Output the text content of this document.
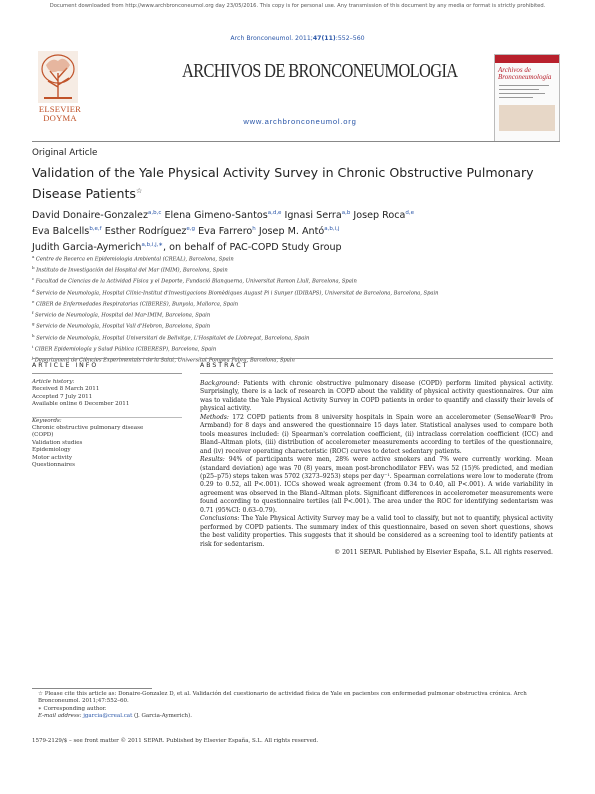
Document downloaded from http://www.archbronconeumol.org day 23/05/2016. This copy is for personal use. Any transmission of this document by any media or format is strictly prohibited.
Arch Bronconeumol. 2011;47(11):552–560
ELSEVIER
DOYMA
ARCHIVOS DE BRONCONEUMOLOGIA
www.archbronconeumol.org
Archivos de
Bronconeumología
Original Article
Validation of the Yale Physical Activity Survey in Chronic Obstructive Pulmonary Disease Patients☆
David Donaire-Gonzalez$^{a,b,c}$ Elena Gimeno-Santos$^{a,d,e}$ Ignasi Serra$^{a,b}$ Josep Roca$^{d,e}$
Eva Balcells$^{b,e,f}$ Esther Rodríguez$^{e,g}$ Eva Farrero$^h$ Josep M. Antó$^{a,b,i,j}$
Judith Garcia-Aymerich$^{a,b,i,j,∗}$, on behalf of PAC-COPD Study Group
$^a$Centre de Recerca en Epidemiologia Ambiental (CREAL), Barcelona, Spain
$^b$Instituto de Investigación del Hospital del Mar (IMIM), Barcelona, Spain
$^c$Facultad de Ciencias de la Actividad Física y el Deporte, Fundació Blanquerna, Universitat Ramon Llull, Barcelona, Spain
$^d$Servicio de Neumología, Hospital Clínic-Institut d'Investigacions Biomèdiques August Pi i Sunyer (IDIBAPS), Universitat de Barcelona, Barcelona, Spain
$^e$CIBER de Enfermedades Respiratorias (CIBERES), Bunyola, Mallorca, Spain
$^f$Servicio de Neumología, Hospital del Mar-IMIM, Barcelona, Spain
$^g$Servicio de Neumología, Hospital Vall d'Hebron, Barcelona, Spain
$^h$Servicio de Neumología, Hospital Universitari de Bellvitge, L'Hospitalet de Llobregat, Barcelona, Spain
$^i$CIBER Epidemiología y Salud Pública (CIBERESP), Barcelona, Spain
$^j$Departament de Ciències Experimentals i de la Salut, Universitat Pompeu Fabra, Barcelona, Spain
ARTICLE INFO	ABSTRACT
Article history:
Received 8 March 2011
Accepted 7 July 2011
Available online 6 December 2011
Keywords:
Chronic obstructive pulmonary disease
(COPD)
Validation studies
Epidemiology
Motor activity
Questionnaires
Background: Patients with chronic obstructive pulmonary disease (COPD) perform limited physical activity. Surprisingly, there is a lack of research in COPD about the validity of physical activity questionnaires. Our aim was to validate the Yale Physical Activity Survey in COPD patients in order to quantify and classify their levels of physical activity.
Methods: 172 COPD patients from 8 university hospitals in Spain wore an accelerometer (SenseWear® Pro₂ Armband) for 8 days and answered the questionnaire 15 days later. Statistical analyses used to compare both tools measures included: (i) Spearman's correlation coefficient, (ii) intraclass correlation coefficient (ICC) and Bland–Altman plots, (iii) distribution of accelerometer measurements according to tertiles of the questionnaire, and (iv) receiver operating characteristic (ROC) curves to detect sedentary patients.
Results: 94% of participants were men, 28% were active smokers and 7% were currently working. Mean (standard deviation) age was 70 (8) years, mean post-bronchodilator FEV₁ was 52 (15)% predicted, and median (p25–p75) steps taken was 5702 (3273–9253) steps per day⁻¹. Spearman correlations were low to moderate (from 0.29 to 0.52, all P<.001). ICCs showed weak agreement (from 0.34 to 0.40, all P<.001). A wide variability in agreement was observed in the Bland–Altman plots. Significant differences in accelerometer measurements were found according to questionnaire tertiles (all P<.001). The area under the ROC for identifying sedentarism was 0.71 (95%CI: 0.63–0.79).
Conclusions: The Yale Physical Activity Survey may be a valid tool to classify, but not to quantify, physical activity performed by COPD patients. The summary index of this questionnaire, based on seven short questions, shows the best validity properties. This suggests that it should be considered as a screening tool to identify patients at risk for sedentarism.
© 2011 SEPAR. Published by Elsevier España, S.L. All rights reserved.
☆ Please cite this article as: Donaire-Gonzalez D, et al. Validación del cuestionario de actividad física de Yale en pacientes con enfermedad pulmonar obstructiva crónica. Arch Bronconeumol. 2011;47:552–60.
∗ Corresponding author.
E-mail address: jgarcia@creal.cat (J. Garcia-Aymerich).
1579-2129/$ – see front matter © 2011 SEPAR. Published by Elsevier España, S.L. All rights reserved.
